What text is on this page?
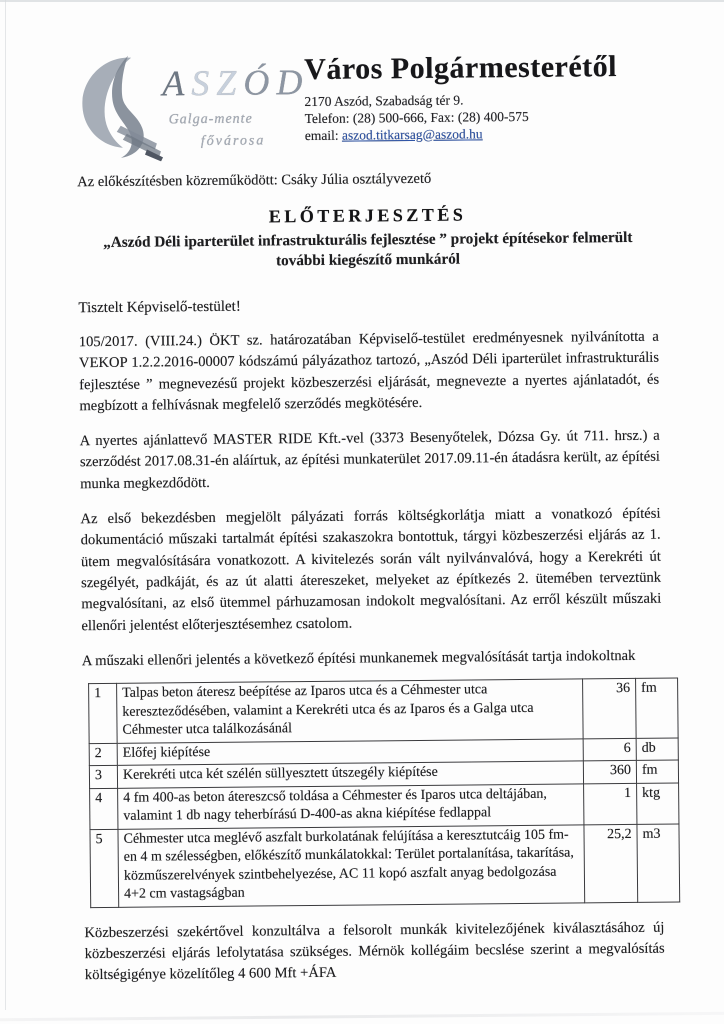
ASZÓD
Galga-mente
fővárosa
Város Polgármesterétől
2170 Aszód, Szabadság tér 9.
Telefon: (28) 500-666, Fax: (28) 400-575
email: aszod.titkarsag@aszod.hu
Az előkészítésben közreműködött: Csáky Júlia osztályvezető
ELŐTERJESZTÉS
„Aszód Déli iparterület infrastrukturális fejlesztése ” projekt építésekor felmerült
további kiegészítő munkáról
Tisztelt Képviselő-testület!
105/2017. (VIII.24.) ÖKT sz. határozatában Képviselő-testület eredményesnek nyilvánította a VEKOP 1.2.2.2016-00007 kódszámú pályázathoz tartozó, „Aszód Déli iparterület infrastrukturális fejlesztése ” megnevezésű projekt közbeszerzési eljárását, megnevezte a nyertes ajánlatadót, és megbízott a felhívásnak megfelelő szerződés megkötésére.
A nyertes ajánlattevő MASTER RIDE Kft.-vel (3373 Besenyőtelek, Dózsa Gy. út 711. hrsz.) a szerződést 2017.08.31-én aláírtuk, az építési munkaterület 2017.09.11-én átadásra került, az építési munka megkezdődött.
Az első bekezdésben megjelölt pályázati forrás költségkorlátja miatt a vonatkozó építési dokumentáció műszaki tartalmát építési szakaszokra bontottuk, tárgyi közbeszerzési eljárás az 1. ütem megvalósítására vonatkozott. A kivitelezés során vált nyilvánvalóvá, hogy a Kerekréti út szegélyét, padkáját, és az út alatti átereszeket, melyeket az építkezés 2. ütemében terveztünk megvalósítani, az első ütemmel párhuzamosan indokolt megvalósítani. Az erről készült műszaki ellenőri jelentést előterjesztésemhez csatolom.
A műszaki ellenőri jelentés a következő építési munkanemek megvalósítását tartja indokoltnak
1	Talpas beton áteresz beépítése az Iparos utca és a Céhmester utca kereszteződésében, valamint a Kerekréti utca és az Iparos és a Galga utca Céhmester utca találkozásánál	36	fm
2	Előfej kiépítése	6	db
3	Kerekréti utca két szélén süllyesztett útszegély kiépítése	360	fm
4	4 fm 400-as beton átereszcső toldása a Céhmester és Iparos utca deltájában, valamint 1 db nagy teherbírású D-400-as akna kiépítése fedlappal	1	ktg
5	Céhmester utca meglévő aszfalt burkolatának felújítása a keresztutcáig 105 fm-en 4 m szélességben, előkészítő munkálatokkal: Terület portalanítása, takarítása, közműszerelvények szintbehelyezése, AC 11 kopó aszfalt anyag bedolgozása 4+2 cm vastagságban	25,2	m3
Közbeszerzési szekértővel konzultálva a felsorolt munkák kivitelezőjének kiválasztásához új közbeszerzési eljárás lefolytatása szükséges. Mérnök kollégáim becslése szerint a megvalósítás költségigénye közelítőleg 4 600 Mft +ÁFA
